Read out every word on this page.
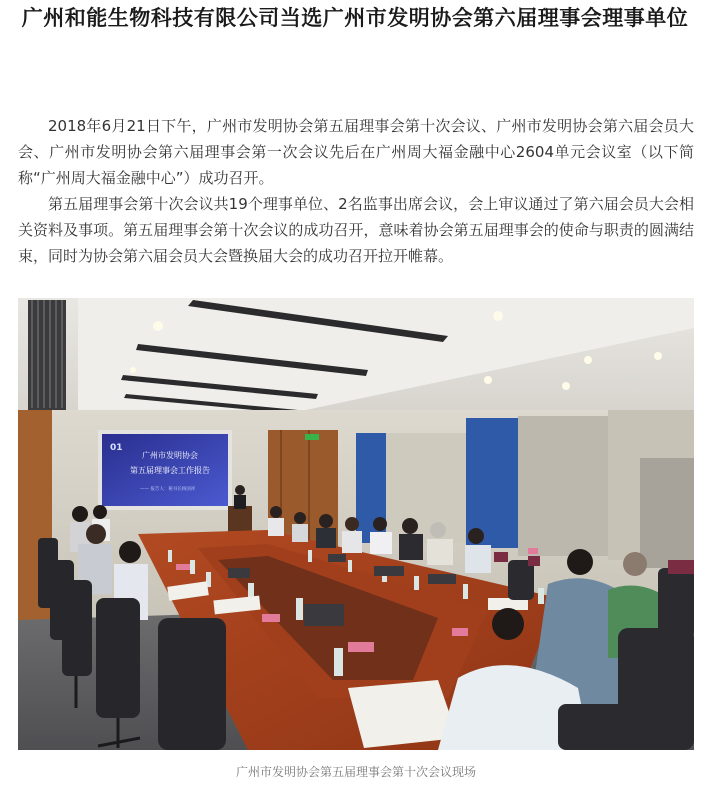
广州和能生物科技有限公司当选广州市发明协会第六届理事会理事单位

2018年6月21日下午，广州市发明协会第五届理事会第十次会议、广州市发明协会第六届会员大会、广州市发明协会第六届理事会第一次会议先后在广州周大福金融中心2604单元会议室（以下简称“广州周大福金融中心”）成功召开。

第五届理事会第十次会议共19个理事单位、2名监事出席会议，会上审议通过了第六届会员大会相关资料及事项。第五届理事会第十次会议的成功召开，意味着协会第五届理事会的使命与职责的圆满结束，同时为协会第六届会员大会暨换届大会的成功召开拉开帷幕。

01
广州市发明协会
第五届理事会工作报告
—— 报告人：秘书长杨国祥
广州市发明协会第五届理事会第十次会议现场
